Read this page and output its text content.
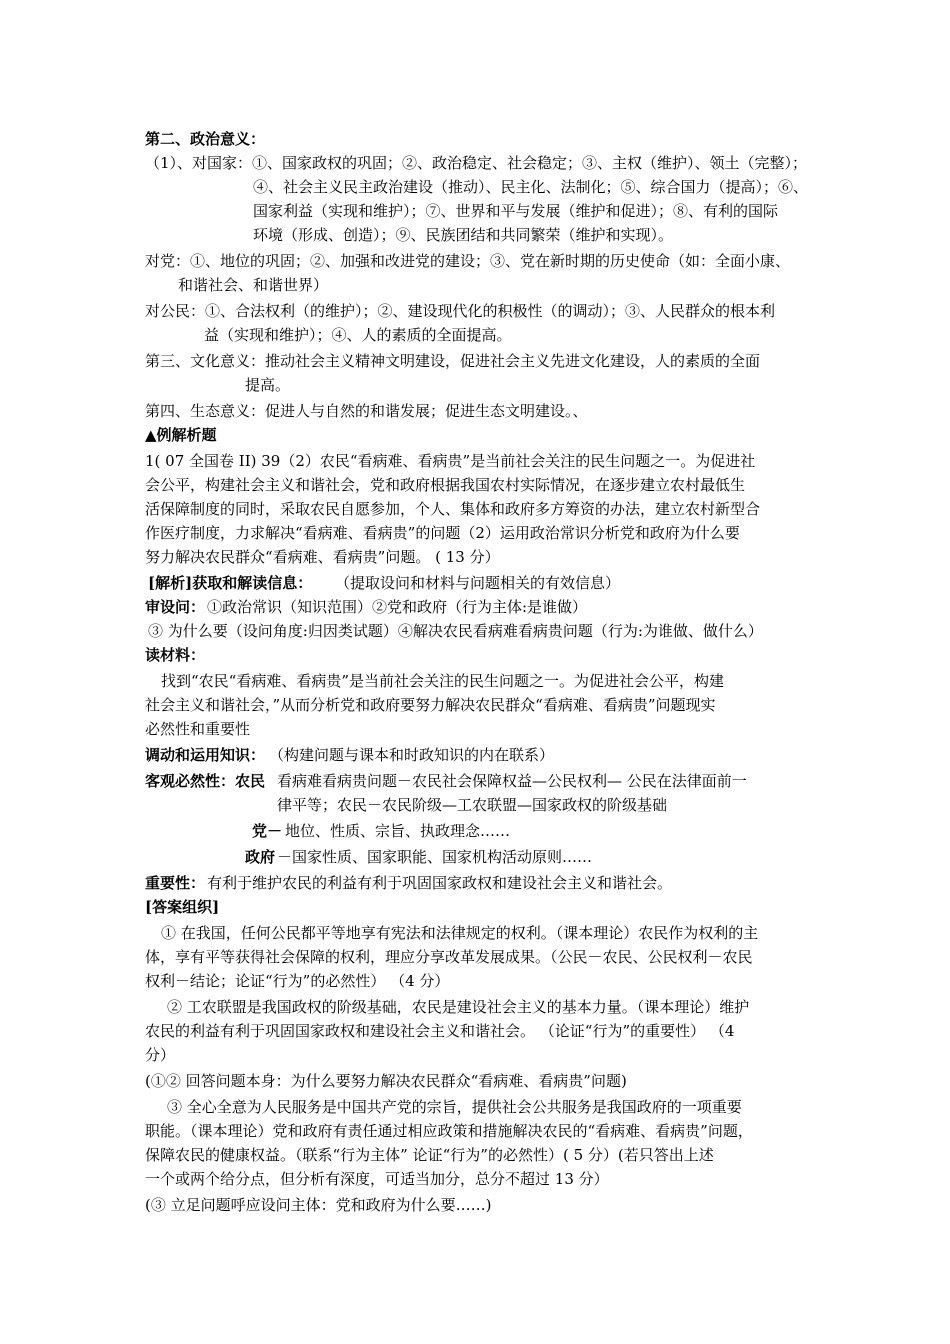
第二、政治意义：
（1）、对国家：①、国家政权的巩固；②、政治稳定、社会稳定；③、主权（维护）、领土（完整）；
④、社会主义民主政治建设（推动）、民主化、法制化；⑤、综合国力（提高）；⑥、
国家利益（实现和维护）；⑦、世界和平与发展（维护和促进）；⑧、有利的国际
环境（形成、创造）；⑨、民族团结和共同繁荣（维护和实现）。
对党：①、地位的巩固；②、加强和改进党的建设；③、党在新时期的历史使命（如：全面小康、
和谐社会、和谐世界）
对公民：①、合法权利（的维护）；②、建设现代化的积极性（的调动）；③、人民群众的根本利
益（实现和维护）；④、人的素质的全面提高。
第三、文化意义：推动社会主义精神文明建设，促进社会主义先进文化建设，人的素质的全面
提高。
第四、生态意义：促进人与自然的和谐发展；促进生态文明建设。、
▲例解析题
1( 07 全国卷 II) 39（2）农民“看病难、看病贵”是当前社会关注的民生问题之一。为促进社
会公平，构建社会主义和谐社会，党和政府根据我国农村实际情况，在逐步建立农村最低生
活保障制度的同时，采取农民自愿参加，个人、集体和政府多方筹资的办法，建立农村新型合
作医疗制度，力求解决“看病难、看病贵”的问题（2）运用政治常识分析党和政府为什么要
努力解决农民群众“看病难、看病贵”问题。 ( 13 分）
[解析]获取和解读信息： （提取设问和材料与问题相关的有效信息）
审设问： ①政治常识（知识范围）②党和政府（行为主体:是谁做）
③ 为什么要（设问角度:归因类试题）④解决农民看病难看病贵问题（行为:为谁做、做什么）
读材料：
找到“农民“看病难、看病贵”是当前社会关注的民生问题之一。为促进社会公平，构建
社会主义和谐社会，”从而分析党和政府要努力解决农民群众“看病难、看病贵”问题现实
必然性和重要性
调动和运用知识： （构建问题与课本和时政知识的内在联系）
客观必然性：农民 看病难看病贵问题－农民社会保障权益—公民权利— 公民在法律面前一
律平等；农民－农民阶级—工农联盟—国家政权的阶级基础
党－ 地位、性质、宗旨、执政理念……
政府 －国家性质、国家职能、国家机构活动原则……
重要性： 有利于维护农民的利益有利于巩固国家政权和建设社会主义和谐社会。
[答案组织]
① 在我国，任何公民都平等地享有宪法和法律规定的权利。（课本理论）农民作为权利的主
体，享有平等获得社会保障的权利，理应分享改革发展成果。（公民－农民、公民权利－农民
权利－结论；论证“行为”的必然性） （4 分）
② 工农联盟是我国政权的阶级基础，农民是建设社会主义的基本力量。（课本理论）维护
农民的利益有利于巩固国家政权和建设社会主义和谐社会。 （论证“行为”的重要性） （4
分）
(①② 回答问题本身：为什么要努力解决农民群众“看病难、看病贵”问题)
③ 全心全意为人民服务是中国共产党的宗旨，提供社会公共服务是我国政府的一项重要
职能。（课本理论）党和政府有责任通过相应政策和措施解决农民的“看病难、看病贵”问题，
保障农民的健康权益。（联系“行为主体” 论证“行为”的必然性）( 5 分）(若只答出上述
一个或两个给分点，但分析有深度，可适当加分，总分不超过 13 分）
(③ 立足问题呼应设问主体：党和政府为什么要……)
